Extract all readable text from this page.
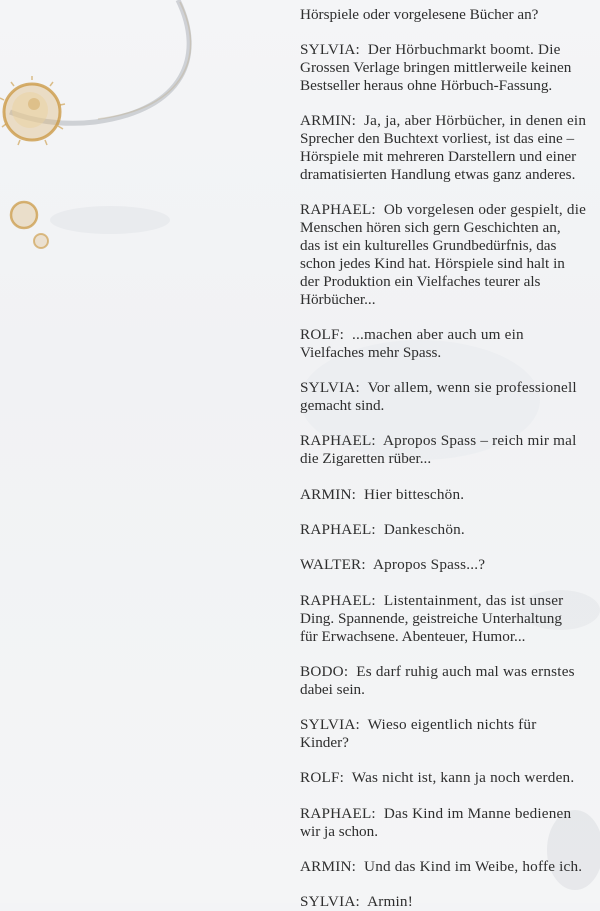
Hörspiele oder vorgelesene Bücher an?
SYLVIA:  Der Hörbuchmarkt boomt. Die
Grossen Verlage bringen mittlerweile keinen
Bestseller heraus ohne Hörbuch-Fassung.
ARMIN:  Ja, ja, aber Hörbücher, in denen ein
Sprecher den Buchtext vorliest, ist das eine –
Hörspiele mit mehreren Darstellern und einer
dramatisierten Handlung etwas ganz anderes.
RAPHAEL:  Ob vorgelesen oder gespielt, die
Menschen hören sich gern Geschichten an,
das ist ein kulturelles Grundbedürfnis, das
schon jedes Kind hat. Hörspiele sind halt in
der Produktion ein Vielfaches teurer als
Hörbücher...
ROLF:  ...machen aber auch um ein
Vielfaches mehr Spass.
SYLVIA:  Vor allem, wenn sie professionell
gemacht sind.
RAPHAEL:  Apropos Spass – reich mir mal
die Zigaretten rüber...
ARMIN:  Hier bitteschön.
RAPHAEL:  Dankeschön.
WALTER:  Apropos Spass...?
RAPHAEL:  Listentainment, das ist unser
Ding. Spannende, geistreiche Unterhaltung
für Erwachsene. Abenteuer, Humor...
BODO:  Es darf ruhig auch mal was ernstes
dabei sein.
SYLVIA:  Wieso eigentlich nichts für
Kinder?
ROLF:  Was nicht ist, kann ja noch werden.
RAPHAEL:  Das Kind im Manne bedienen
wir ja schon.
ARMIN:  Und das Kind im Weibe, hoffe ich.
SYLVIA:  Armin!
